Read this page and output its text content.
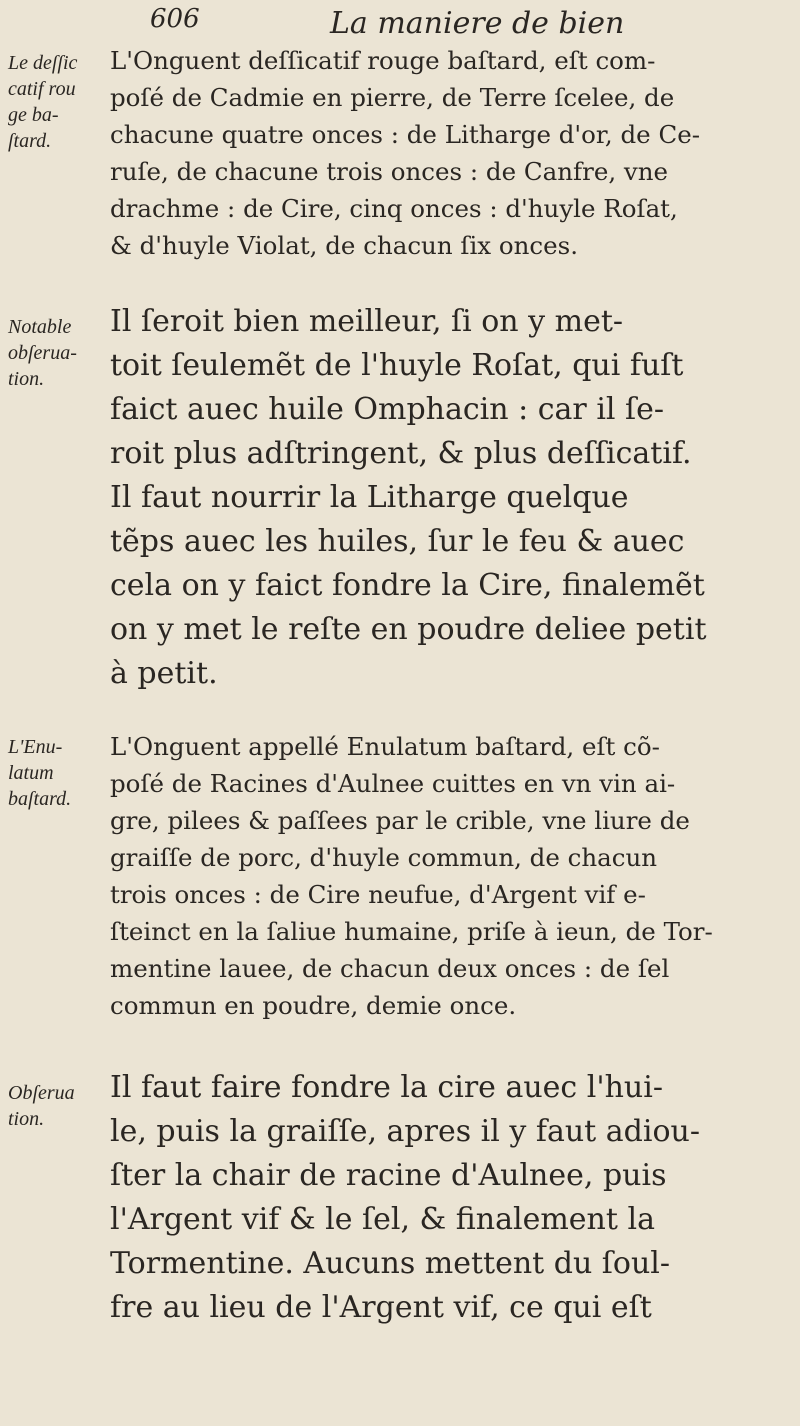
606	La maniere de bien
Le deſſic
catif rou
ge ba-
ſtard.
L'Onguent deſſicatif rouge baſtard, eſt com-
poſé de Cadmie en pierre, de Terre ſcelee, de
chacune quatre onces : de Litharge d'or, de Ce-
ruſe, de chacune trois onces : de Canfre, vne
drachme : de Cire, cinq onces : d'huyle Roſat,
& d'huyle Violat, de chacun ſix onces.
Notable
obſerua-
tion.
Il ſeroit bien meilleur, ſi on y met-
toit ſeulemẽt de l'huyle Roſat, qui fuſt
faict auec huile Omphacin : car il ſe-
roit plus adſtringent, & plus deſſicatif.
Il faut nourrir la Litharge quelque
tẽps auec les huiles, ſur le feu & auec
cela on y faict fondre la Cire, finalemẽt
on y met le reſte en poudre deliee petit
à petit.
L'Enu-
latum
baſtard.
L'Onguent appellé Enulatum baſtard, eſt cõ-
poſé de Racines d'Aulnee cuittes en vn vin ai-
gre, pilees & paſſees par le crible, vne liure de
graiſſe de porc, d'huyle commun, de chacun
trois onces : de Cire neufue, d'Argent vif e-
ſteinct en la ſaliue humaine, priſe à ieun, de Tor-
mentine lauee, de chacun deux onces : de ſel
commun en poudre, demie once.
Obſerua
tion.
Il faut faire fondre la cire auec l'hui-
le, puis la graiſſe, apres il y faut adiou-
ſter la chair de racine d'Aulnee, puis
l'Argent vif & le ſel, & finalement la
Tormentine. Aucuns mettent du ſoul-
fre au lieu de l'Argent vif, ce qui eſt
